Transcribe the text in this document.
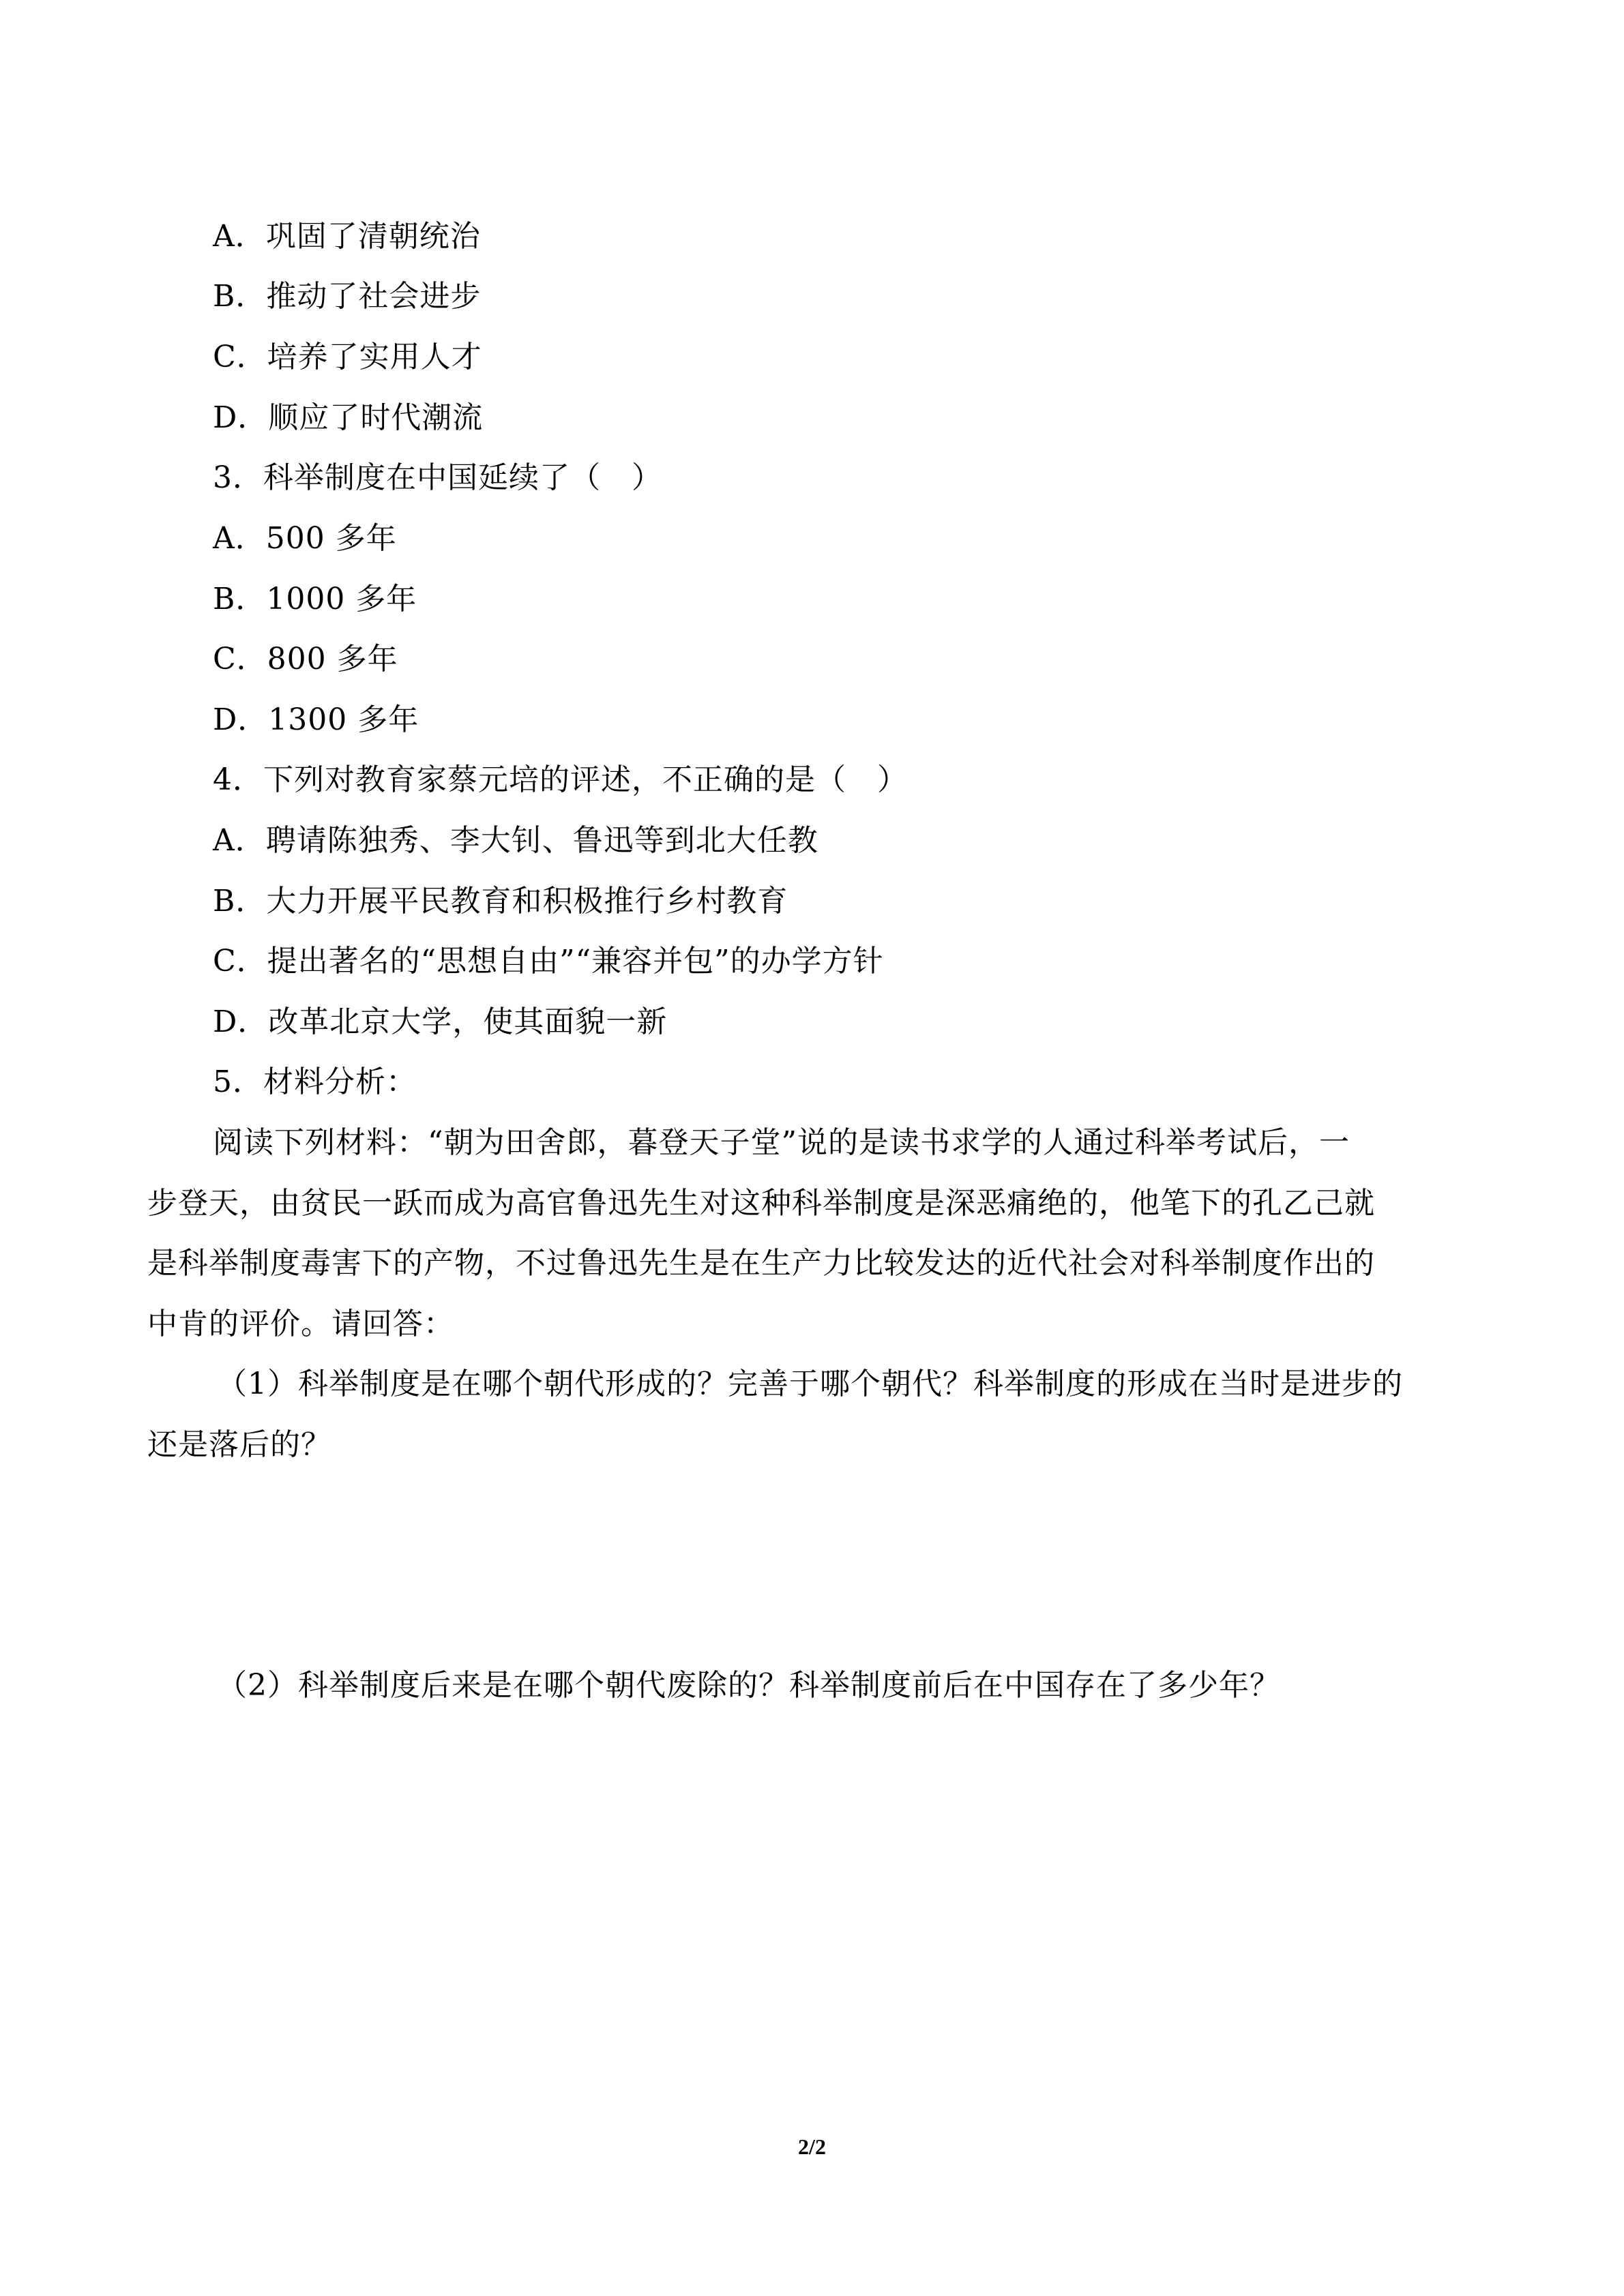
A．巩固了清朝统治
B．推动了社会进步
C．培养了实用人才
D．顺应了时代潮流
3．科举制度在中国延续了（　）
A．500 多年
B．1000 多年
C．800 多年
D．1300 多年
4．下列对教育家蔡元培的评述，不正确的是（　）
A．聘请陈独秀、李大钊、鲁迅等到北大任教
B．大力开展平民教育和积极推行乡村教育
C．提出著名的“思想自由”“兼容并包”的办学方针
D．改革北京大学，使其面貌一新
5．材料分析：
阅读下列材料：“朝为田舍郎，暮登天子堂”说的是读书求学的人通过科举考试后，一
步登天，由贫民一跃而成为高官鲁迅先生对这种科举制度是深恶痛绝的，他笔下的孔乙己就
是科举制度毒害下的产物，不过鲁迅先生是在生产力比较发达的近代社会对科举制度作出的
中肯的评价。请回答：
（1）科举制度是在哪个朝代形成的？完善于哪个朝代？科举制度的形成在当时是进步的
还是落后的？
（2）科举制度后来是在哪个朝代废除的？科举制度前后在中国存在了多少年？
2/2
